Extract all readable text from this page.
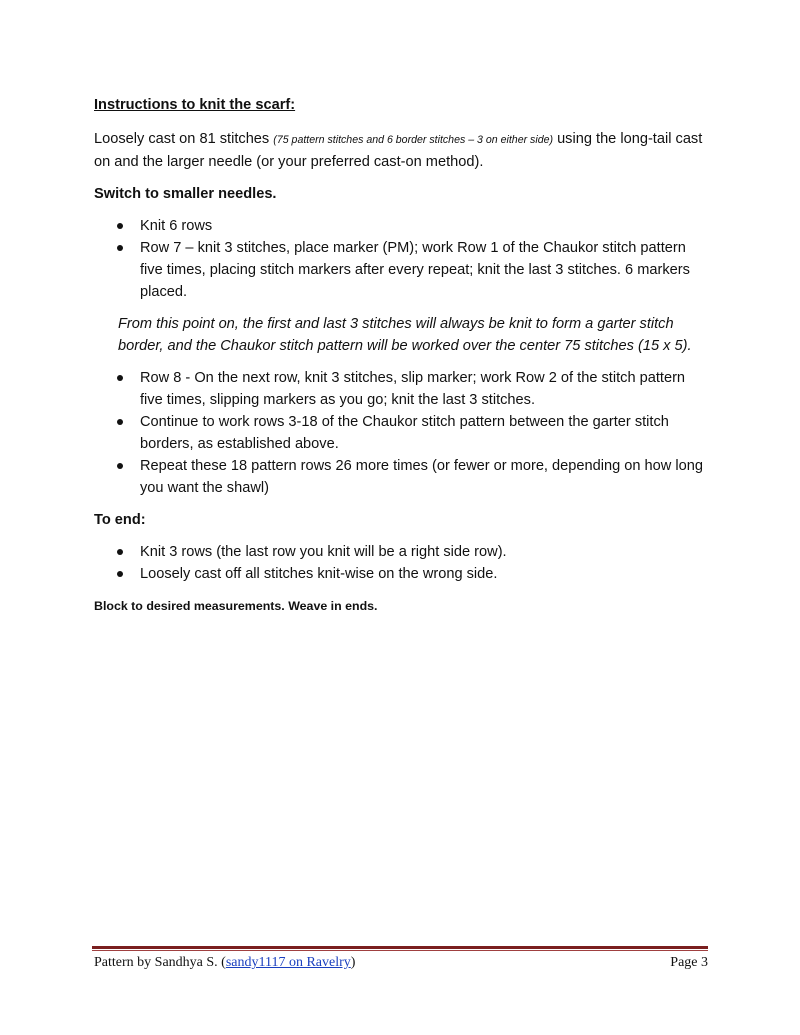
Instructions to knit the scarf:

Loosely cast on 81 stitches (75 pattern stitches and 6 border stitches – 3 on either side) using the long-tail cast on and the larger needle (or your preferred cast-on method).

Switch to smaller needles.

Knit 6 rows
Row 7 – knit 3 stitches, place marker (PM); work Row 1 of the Chaukor stitch pattern five times, placing stitch markers after every repeat; knit the last 3 stitches. 6 markers placed.

From this point on, the first and last 3 stitches will always be knit to form a garter stitch border, and the Chaukor stitch pattern will be worked over the center 75 stitches (15 x 5).

Row 8 - On the next row, knit 3 stitches, slip marker; work Row 2 of the stitch pattern five times, slipping markers as you go; knit the last 3 stitches.
Continue to work rows 3-18 of the Chaukor stitch pattern between the garter stitch borders, as established above.
Repeat these 18 pattern rows 26 more times (or fewer or more, depending on how long you want the shawl)

To end:

Knit 3 rows (the last row you knit will be a right side row).
Loosely cast off all stitches knit-wise on the wrong side.

Block to desired measurements. Weave in ends.

Pattern by Sandhya S. (sandy1117 on Ravelry)	Page 3
